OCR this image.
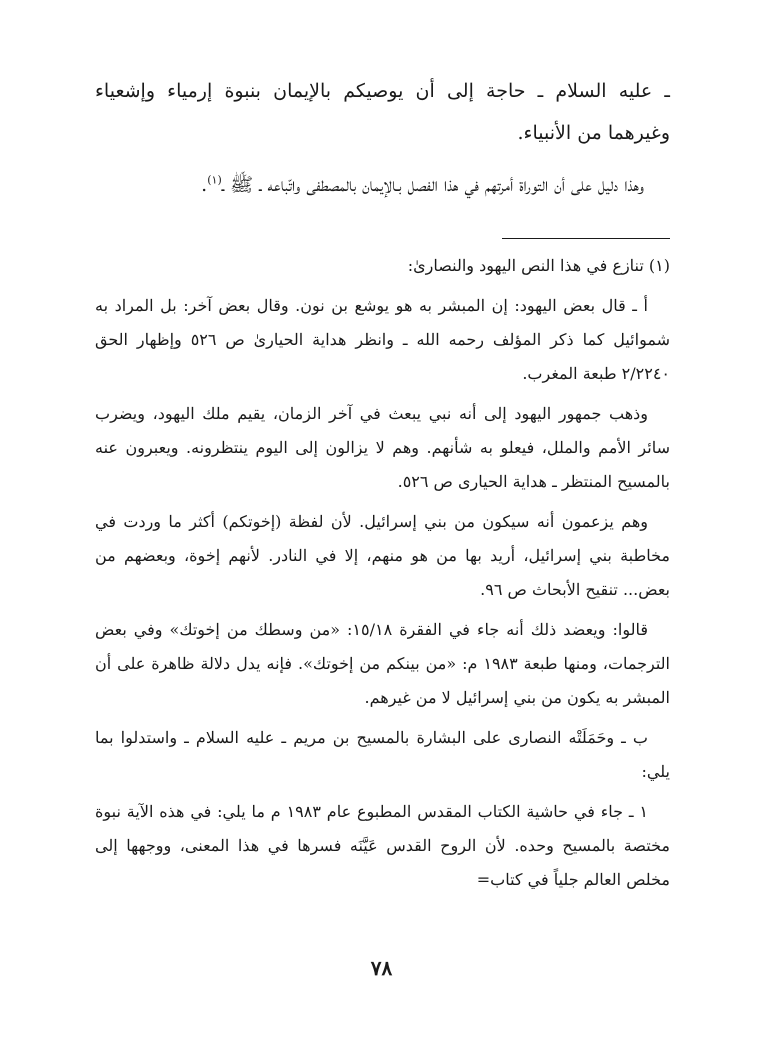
ـ عليه السلام ـ حاجة إلى أن يوصيكم بالإيمان بنبوة إرمياء وإشعياء وغيرهما من الأنبياء.

وهذا دليل على أن التوراة أمرتهم في هذا الفصل بـالإيمان بالمصطفى واتّباعه ـ ﷺ ـ$^{(١)}$.

(١) تنازع في هذا النص اليهود والنصارىٰ:

أ ـ قال بعض اليهود: إن المبشر به هو يوشع بن نون. وقال بعض آخر: بل المراد به شموائيل كما ذكر المؤلف رحمه الله ـ وانظر هداية الحيارىٰ ص ٥٢٦ وإظهار الحق ٢/٢٢٤٠ طبعة المغرب.

وذهب جمهور اليهود إلى أنه نبي يبعث في آخر الزمان، يقيم ملك اليهود، ويضرب سائر الأمم والملل، فيعلو به شأنهم. وهم لا يزالون إلى اليوم ينتظرونه. ويعبرون عنه بالمسيح المنتظر ـ هداية الحيارى ص ٥٢٦.

وهم يزعمون أنه سيكون من بني إسرائيل. لأن لفظة (إخوتكم) أكثر ما وردت في مخاطبة بني إسرائيل، أريد بها من هو منهم، إلا في النادر. لأنهم إخوة، وبعضهم من بعض... تنقيح الأبحاث ص ٩٦.

قالوا: ويعضد ذلك أنه جاء في الفقرة ١٥/١٨: «من وسطك من إخوتك» وفي بعض الترجمات، ومنها طبعة ١٩٨٣ م: «من بينكم من إخوتك». فإنه يدل دلالة ظاهرة على أن المبشر به يكون من بني إسرائيل لا من غيرهم.

ب ـ وحَمَلَتْه النصارى على البشارة بالمسيح بن مريم ـ عليه السلام ـ واستدلوا بما يلي:

١ ـ جاء في حاشية الكتاب المقدس المطبوع عام ١٩٨٣ م ما يلي: في هذه الآية نبوة مختصة بالمسيح وحده. لأن الروح القدس عَيَّنَه فسرها في هذا المعنى، ووجهها إلى مخلص العالم جلياً في كتاب=

٧٨
